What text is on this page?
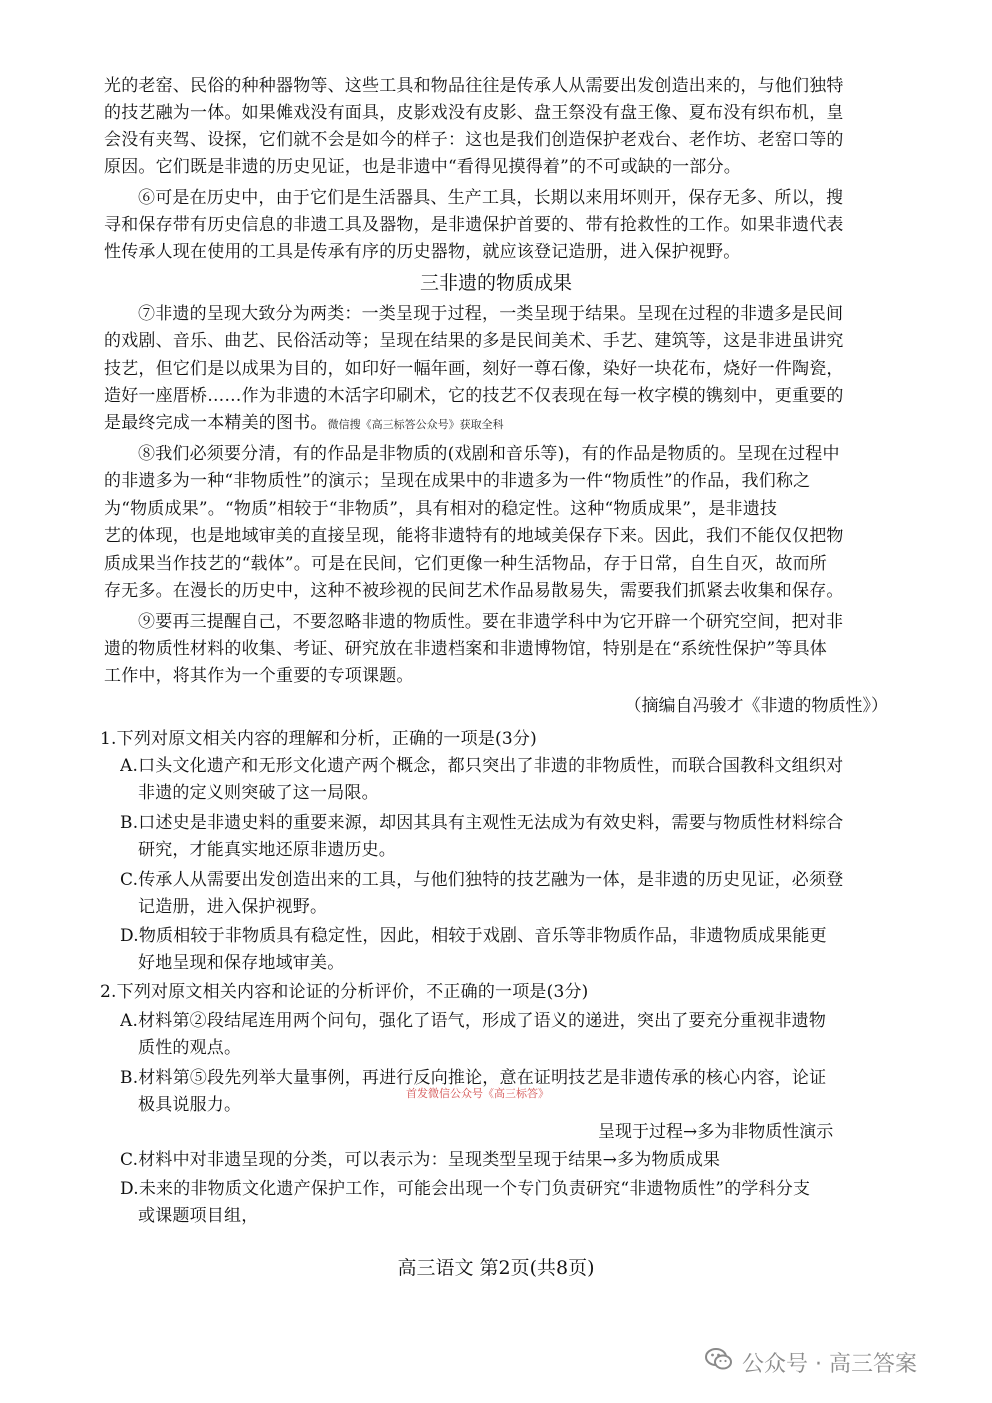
光的老窑、民俗的种种器物等、这些工具和物品往往是传承人从需要出发创造出来的，与他们独特
的技艺融为一体。如果傩戏没有面具，皮影戏没有皮影、盘王祭没有盘王像、夏布没有织布机，皇
会没有夹驾、设探，它们就不会是如今的样子：这也是我们创造保护老戏台、老作坊、老窑口等的
原因。它们既是非遗的历史见证，也是非遗中“看得见摸得着”的不可或缺的一部分。
⑥可是在历史中，由于它们是生活器具、生产工具，长期以来用坏则开，保存无多、所以，搜
寻和保存带有历史信息的非遗工具及器物，是非遗保护首要的、带有抢救性的工作。如果非遗代表
性传承人现在使用的工具是传承有序的历史器物，就应该登记造册，进入保护视野。
三非遗的物质成果
⑦非遗的呈现大致分为两类：一类呈现于过程，一类呈现于结果。呈现在过程的非遗多是民间
的戏剧、音乐、曲艺、民俗活动等；呈现在结果的多是民间美术、手艺、建筑等，这是非进虽讲究
技艺，但它们是以成果为目的，如印好一幅年画，刻好一尊石像，染好一块花布，烧好一件陶瓷，
造好一座厝桥……作为非遗的木活字印刷术，它的技艺不仅表现在每一枚字模的镌刻中，更重要的
是最终完成一本精美的图书。微信搜《高三标答公众号》获取全科
⑧我们必须要分清，有的作品是非物质的(戏剧和音乐等)，有的作品是物质的。呈现在过程中
的非遗多为一种“非物质性”的演示；呈现在成果中的非遗多为一件“物质性”的作品，我们称之
为“物质成果”。“物质”相较于“非物质”，具有相对的稳定性。这种“物质成果”，是非遗技
艺的体现，也是地域审美的直接呈现，能将非遗特有的地域美保存下来。因此，我们不能仅仅把物
质成果当作技艺的“载体”。可是在民间，它们更像一种生活物品，存于日常，自生自灭，故而所
存无多。在漫长的历史中，这种不被珍视的民间艺术作品易散易失，需要我们抓紧去收集和保存。
⑨要再三提醒自己，不要忽略非遗的物质性。要在非遗学科中为它开辟一个研究空间，把对非
遗的物质性材料的收集、考证、研究放在非遗档案和非遗博物馆，特别是在“系统性保护”等具体
工作中，将其作为一个重要的专项课题。
（摘编自冯骏才《非遗的物质性》）
1.下列对原文相关内容的理解和分析，正确的一项是(3分)
A.口头文化遗产和无形文化遗产两个概念，都只突出了非遗的非物质性，而联合国教科文组织对
非遗的定义则突破了这一局限。
B.口述史是非遗史料的重要来源，却因其具有主观性无法成为有效史料，需要与物质性材料综合
研究，才能真实地还原非遗历史。
C.传承人从需要出发创造出来的工具，与他们独特的技艺融为一体，是非遗的历史见证，必须登
记造册，进入保护视野。
D.物质相较于非物质具有稳定性，因此，相较于戏剧、音乐等非物质作品，非遗物质成果能更
好地呈现和保存地域审美。
2.下列对原文相关内容和论证的分析评价，不正确的一项是(3分)
A.材料第②段结尾连用两个问句，强化了语气，形成了语义的递进，突出了要充分重视非遗物
质性的观点。
B.材料第⑤段先列举大量事例，再进行反向推论，意在证明技艺是非遗传承的核心内容，论证
极具说服力。
首发微信公众号《高三标答》
呈现于过程→多为非物质性演示
C.材料中对非遗呈现的分类，可以表示为：呈现类型呈现于结果→多为物质成果
D.未来的非物质文化遗产保护工作，可能会出现一个专门负责研究“非遗物质性”的学科分支
或课题项目组，
高三语文 第2页(共8页)
公众号 · 高三答案
